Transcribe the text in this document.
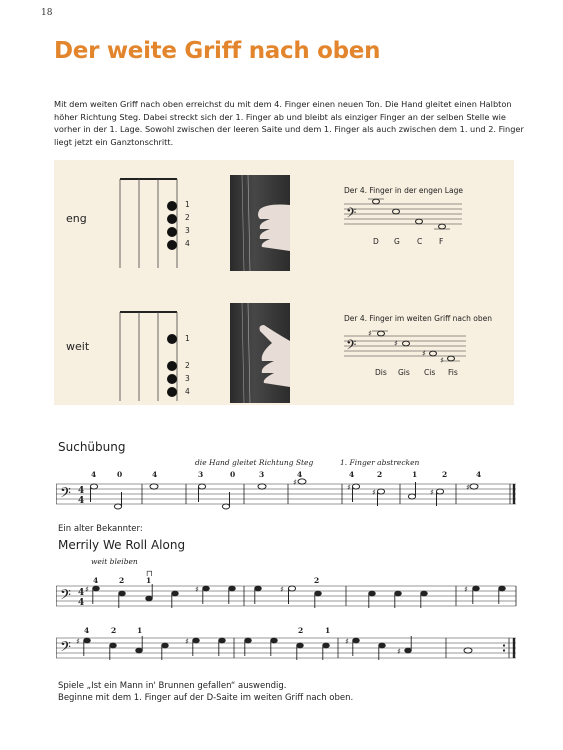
18
Der weite Griff nach oben
Mit dem weiten Griff nach oben erreichst du mit dem 4. Finger einen neuen Ton. Die Hand gleitet einen Halbton höher Richtung Steg. Dabei streckt sich der 1. Finger ab und bleibt als einziger Finger an der selben Stelle wie vorher in der 1. Lage. Sowohl zwischen der leeren Saite und dem 1. Finger als auch zwischen dem 1. und 2. Finger liegt jetzt ein Ganztonschritt.
eng
1
2
3
4
Der 4. Finger in der engen Lage
𝄢
D G C F
weit
1
2
3
4
Der 4. Finger im weiten Griff nach oben
𝄢
♯
♯
♯
♯
Dis Gis Cis Fis
Suchübung
die Hand gleitet Richtung Steg	1. Finger abstrecken
4	0	4	3	0	3	4	4	2	1	2	4
𝄢 4
4
♯
♯
♯	♯
♯
Ein alter Bekannter:
Merrily We Roll Along
weit bleiben
4	2	1	2
⊓
𝄢 4
4
♯	♯	♯	♯
4	2	1	2	1
𝄢 ♯	♯	♯
♯
Spiele „Ist ein Mann in' Brunnen gefallen“ auswendig.
Beginne mit dem 1. Finger auf der D-Saite im weiten Griff nach oben.
